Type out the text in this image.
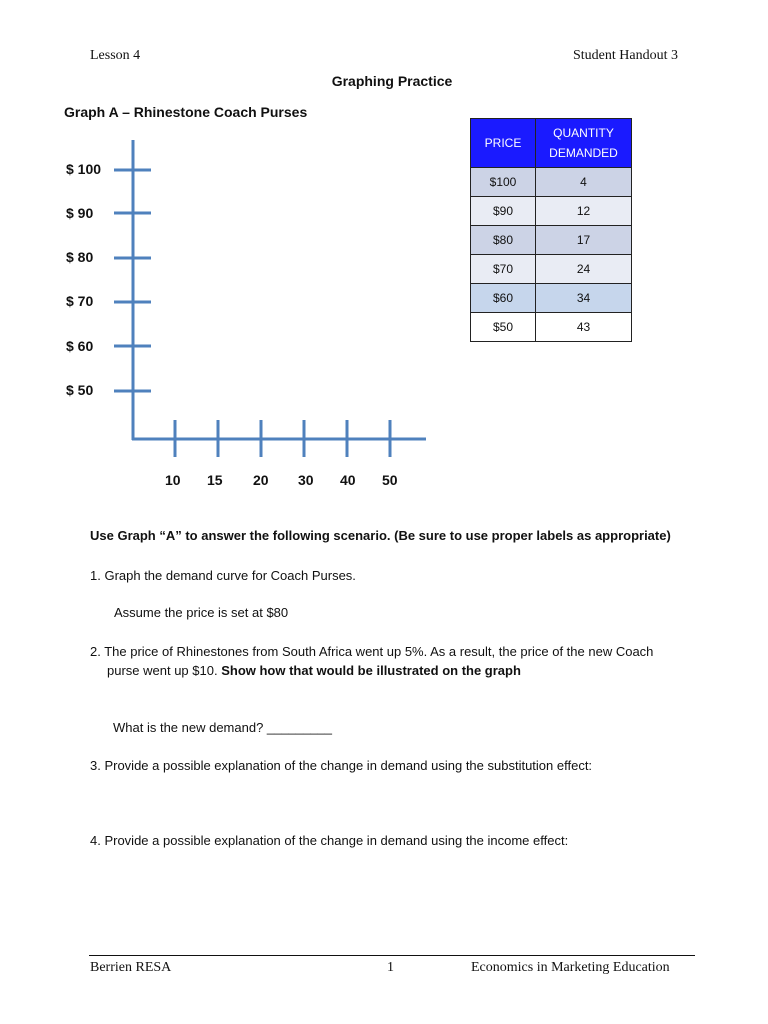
Lesson 4	Student Handout 3
Graphing Practice
Graph A – Rhinestone Coach Purses
$ 100
$ 90
$ 80
$ 70
$ 60
$ 50
10 15 20 30 40 50
PRICE	QUANTITY
DEMANDED
$100	4
$90	12
$80	17
$70	24
$60	34
$50	43
Use Graph “A” to answer the following scenario. (Be sure to use proper labels as appropriate)
1. Graph the demand curve for Coach Purses.
Assume the price is set at $80
2. The price of Rhinestones from South Africa went up 5%. As a result, the price of the new Coach
purse went up $10. Show how that would be illustrated on the graph
What is the new demand? _________
3. Provide a possible explanation of the change in demand using the substitution effect:
4. Provide a possible explanation of the change in demand using the income effect:
Berrien RESA	1	Economics in Marketing Education
